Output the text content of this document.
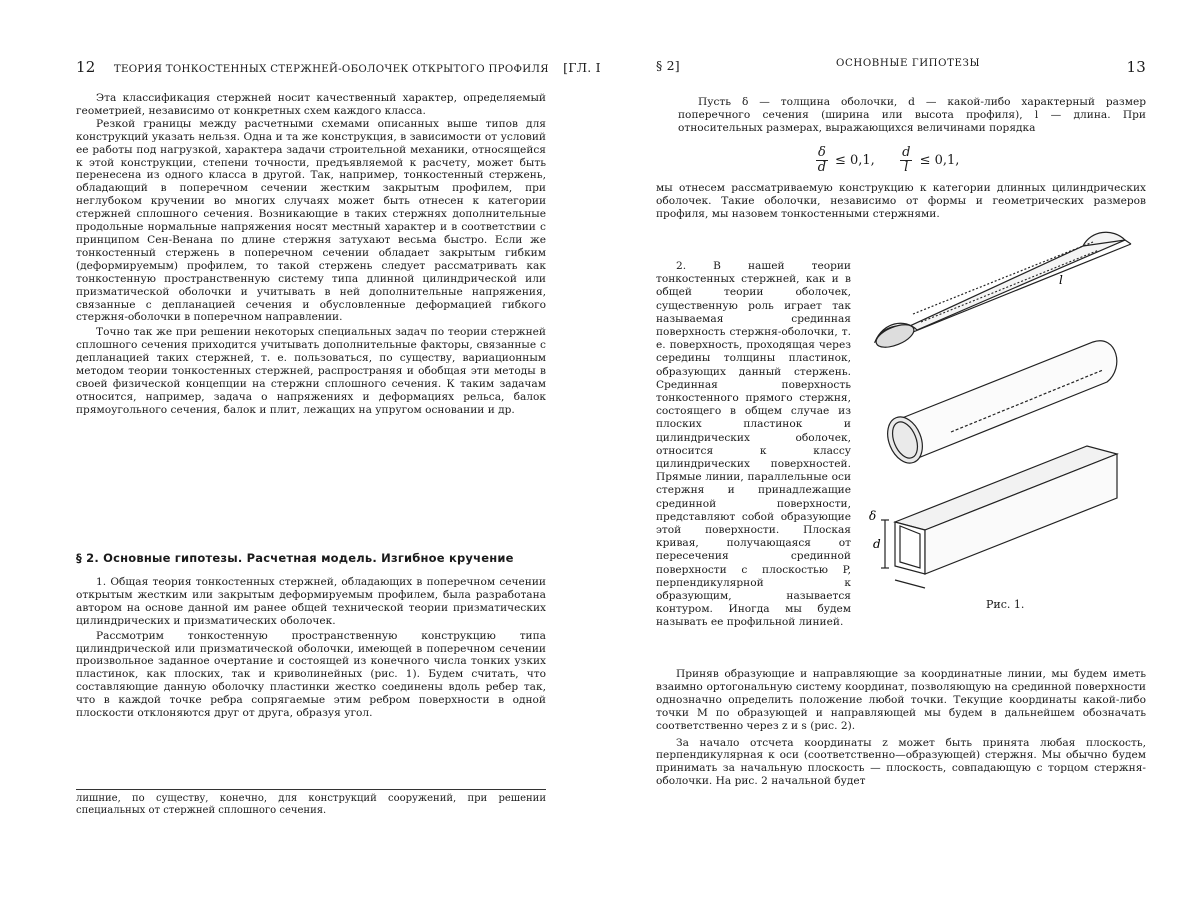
12 ТЕОРИЯ ТОНКОСТЕННЫХ СТЕРЖНЕЙ-ОБОЛОЧЕК ОТКРЫТОГО ПРОФИЛЯ [ГЛ. I

Эта классификация стержней носит качественный характер, определяемый геометрией, независимо от конкретных схем каждого класса.

Резкой границы между расчетными схемами описанных выше типов для конструкций указать нельзя. Одна и та же конструкция, в зависимости от условий ее работы под нагрузкой, характера задачи строительной механики, относящейся к этой конструкции, степени точности, предъявляемой к расчету, может быть перенесена из одного класса в другой. Так, например, тонкостенный стержень, обладающий в поперечном сечении жестким закрытым профилем, при неглубоком кручении во многих случаях может быть отнесен к категории стержней сплошного сечения. Возникающие в таких стержнях дополнительные продольные нормальные напряжения носят местный характер и в соответствии с принципом Сен-Венана по длине стержня затухают весьма быстро. Если же тонкостенный стержень в поперечном сечении обладает закрытым гибким (деформируемым) профилем, то такой стержень следует рассматривать как тонкостенную пространственную систему типа длинной цилиндрической или призматической оболочки и учитывать в ней дополнительные напряжения, связанные с депланацией сечения и обусловленные деформацией гибкого стержня-оболочки в поперечном направлении.

Точно так же при решении некоторых специальных задач по теории стержней сплошного сечения приходится учитывать дополнительные факторы, связанные с депланацией таких стержней, т. е. пользоваться, по существу, вариационным методом теории тонкостенных стержней, распространяя и обобщая эти методы в своей физической концепции на стержни сплошного сечения. К таким задачам относится, например, задача о напряжениях и деформациях рельса, балок прямоугольного сечения, балок и плит, лежащих на упругом основании и др.

§ 2. Основные гипотезы. Расчетная модель. Изгибное кручение

1. Общая теория тонкостенных стержней, обладающих в поперечном сечении открытым жестким или закрытым деформируемым профилем, была разработана автором на основе данной им ранее общей технической теории призматических цилиндрических и призматических оболочек.

Рассмотрим тонкостенную пространственную конструкцию типа цилиндрической или призматической оболочки, имеющей в поперечном сечении произвольное заданное очертание и состоящей из конечного числа тонких узких пластинок, как плоских, так и криволинейных (рис. 1). Будем считать, что составляющие данную оболочку пластинки жестко соединены вдоль ребер так, что в каждой точке ребра сопрягаемые этим ребром поверхности в одной плоскости отклоняются друг от друга, образуя угол.

лишние, по существу, конечно, для конструкций сооружений, при решении специальных от стержней сплошного сечения.
§ 2]	ОСНОВНЫЕ ГИПОТЕЗЫ	13

Пусть δ — толщина оболочки, d — какой-либо характерный размер поперечного сечения (ширина или высота профиля), l — длина. При относительных размерах, выражающихся величинами порядка

$\frac{\delta}{d} \le 0,1$, $\frac{d}{l} \le 0,1$,

мы отнесем рассматриваемую конструкцию к категории длинных цилиндрических оболочек. Такие оболочки, независимо от формы и геометрических размеров профиля, мы назовем тонкостенными стержнями.

2. В нашей теории тонкостенных стержней, как и в общей теории оболочек, существенную роль играет так называемая срединная поверхность стержня-оболочки, т. е. поверхность, проходящая через середины толщины пластинок, образующих данный стержень. Срединная поверхность тонкостенного прямого стержня, состоящего в общем случае из плоских пластинок и цилиндрических оболочек, относится к классу цилиндрических поверхностей. Прямые линии, параллельные оси стержня и принадлежащие срединной поверхности, представляют собой образующие этой поверхности. Плоская кривая, получающаяся от пересечения срединной поверхности с плоскостью P, перпендикулярной к образующим, называется контуром. Иногда мы будем называть ее профильной линией.

l
δ
d
Рис. 1.

Приняв образующие и направляющие за координатные линии, мы будем иметь взаимно ортогональную систему координат, позволяющую на срединной поверхности однозначно определить положение любой точки. Текущие координаты какой-либо точки M по образующей и направляющей мы будем в дальнейшем обозначать соответственно через z и s (рис. 2).

За начало отсчета координаты z может быть принята любая плоскость, перпендикулярная к оси (соответственно—образующей) стержня. Мы обычно будем принимать за начальную плоскость — плоскость, совпадающую с торцом стержня-оболочки. На рис. 2 начальной будет
